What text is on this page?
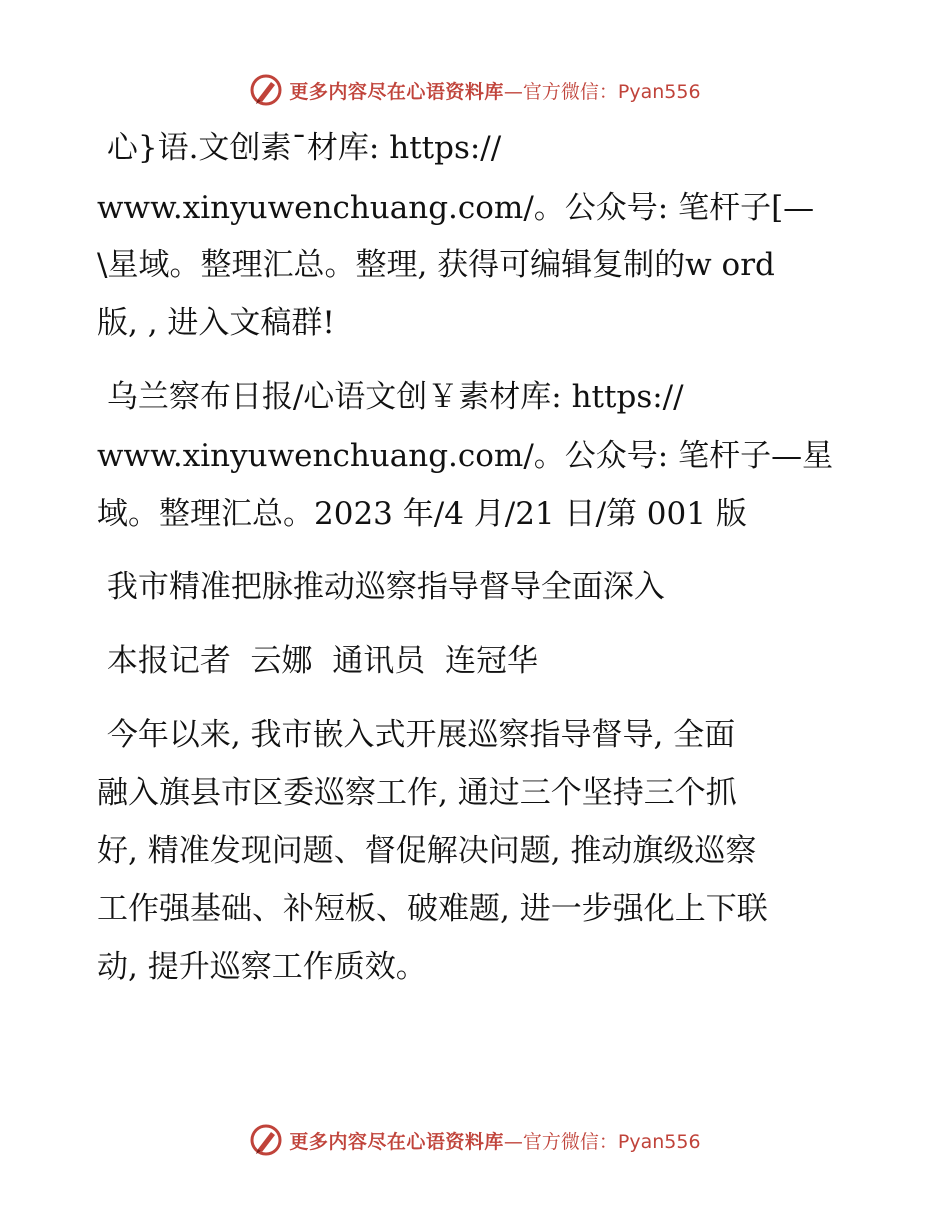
更多内容尽在心语资料库 —官方微信：Pyan556

心}语.文创素¯材库: https://

www.xinyuwenchuang.com/。公众号: 笔杆子[—

\星域。整理汇总。整理, 获得可编辑复制的w ord

版, , 进入文稿群!

乌兰察布日报/心语文创￥素材库: https://

www.xinyuwenchuang.com/。公众号: 笔杆子—星

域。整理汇总。2023 年/4 月/21 日/第 001 版

我市精准把脉推动巡察指导督导全面深入

本报记者  云娜  通讯员  连冠华

今年以来, 我市嵌入式开展巡察指导督导, 全面

融入旗县市区委巡察工作, 通过三个坚持三个抓

好, 精准发现问题、督促解决问题, 推动旗级巡察

工作强基础、补短板、破难题, 进一步强化上下联

动, 提升巡察工作质效。

更多内容尽在心语资料库 —官方微信：Pyan556
